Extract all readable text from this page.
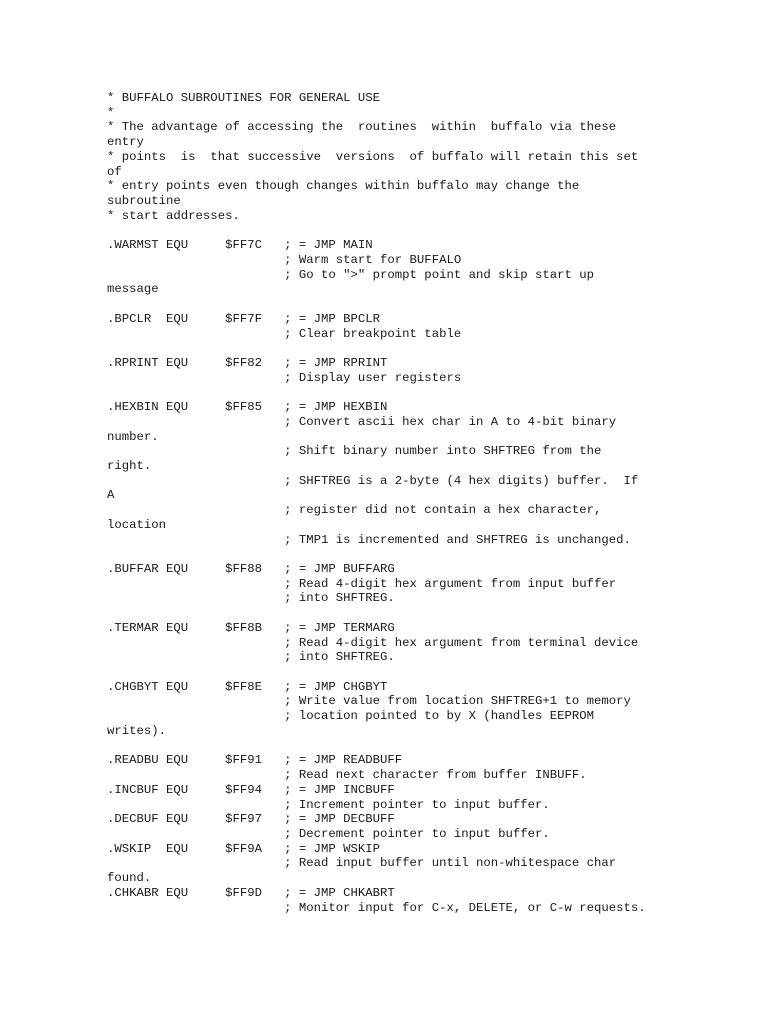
* BUFFALO SUBROUTINES FOR GENERAL USE
*
* The advantage of accessing the  routines  within  buffalo via these
entry
* points  is  that successive  versions  of buffalo will retain this set
of
* entry points even though changes within buffalo may change the
subroutine
* start addresses.
.WARMST EQU     $FF7C   ; = JMP MAIN
; Warm start for BUFFALO
; Go to ">" prompt point and skip start up
message
.BPCLR  EQU     $FF7F   ; = JMP BPCLR
; Clear breakpoint table
.RPRINT EQU     $FF82   ; = JMP RPRINT
; Display user registers
.HEXBIN EQU     $FF85   ; = JMP HEXBIN
; Convert ascii hex char in A to 4-bit binary
number.
; Shift binary number into SHFTREG from the
right.
; SHFTREG is a 2-byte (4 hex digits) buffer.  If
A
; register did not contain a hex character,
location
; TMP1 is incremented and SHFTREG is unchanged.
.BUFFAR EQU     $FF88   ; = JMP BUFFARG
; Read 4-digit hex argument from input buffer
; into SHFTREG.
.TERMAR EQU     $FF8B   ; = JMP TERMARG
; Read 4-digit hex argument from terminal device
; into SHFTREG.
.CHGBYT EQU     $FF8E   ; = JMP CHGBYT
; Write value from location SHFTREG+1 to memory
; location pointed to by X (handles EEPROM
writes).
.READBU EQU     $FF91   ; = JMP READBUFF
; Read next character from buffer INBUFF.
.INCBUF EQU     $FF94   ; = JMP INCBUFF
; Increment pointer to input buffer.
.DECBUF EQU     $FF97   ; = JMP DECBUFF
; Decrement pointer to input buffer.
.WSKIP  EQU     $FF9A   ; = JMP WSKIP
; Read input buffer until non-whitespace char
found.
.CHKABR EQU     $FF9D   ; = JMP CHKABRT
; Monitor input for C-x, DELETE, or C-w requests.
